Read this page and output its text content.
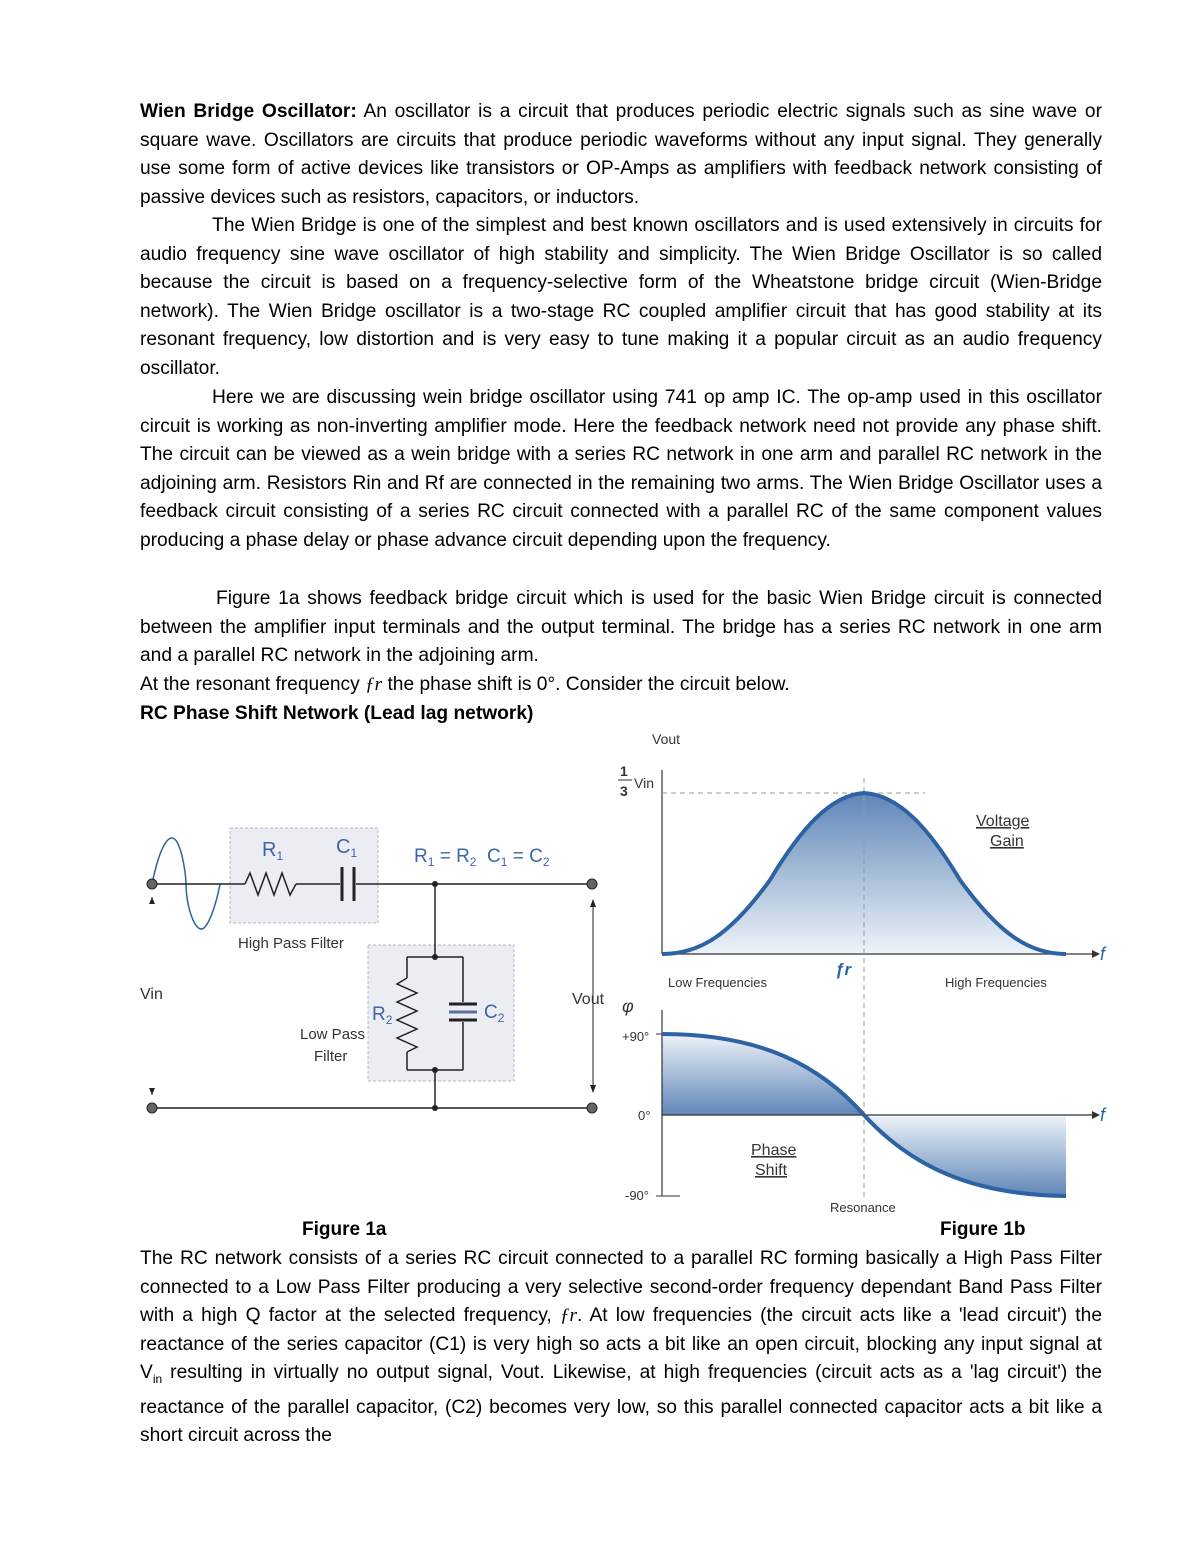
Wien Bridge Oscillator: An oscillator is a circuit that produces periodic electric signals such as sine wave or square wave. Oscillators are circuits that produce periodic waveforms without any input signal. They generally use some form of active devices like transistors or OP-Amps as amplifiers with feedback network consisting of passive devices such as resistors, capacitors, or inductors.
The Wien Bridge is one of the simplest and best known oscillators and is used extensively in circuits for audio frequency sine wave oscillator of high stability and simplicity. The Wien Bridge Oscillator is so called because the circuit is based on a frequency-selective form of the Wheatstone bridge circuit (Wien-Bridge network). The Wien Bridge oscillator is a two-stage RC coupled amplifier circuit that has good stability at its resonant frequency, low distortion and is very easy to tune making it a popular circuit as an audio frequency oscillator.
Here we are discussing wein bridge oscillator using 741 op amp IC. The op-amp used in this oscillator circuit is working as non-inverting amplifier mode. Here the feedback network need not provide any phase shift. The circuit can be viewed as a wein bridge with a series RC network in one arm and parallel RC network in the adjoining arm. Resistors Rin and Rf are connected in the remaining two arms. The Wien Bridge Oscillator uses a feedback circuit consisting of a series RC circuit connected with a parallel RC of the same component values producing a phase delay or phase advance circuit depending upon the frequency.
Figure 1a shows feedback bridge circuit which is used for the basic Wien Bridge circuit is connected between the amplifier input terminals and the output terminal. The bridge has a series RC network in one arm and a parallel RC network in the adjoining arm.
At the resonant frequency ƒr the phase shift is 0°. Consider the circuit below.
RC Phase Shift Network (Lead lag network)
$R_1$	$C_1$	$R_1 = R_2$  $C_1 = C_2$
High Pass Filter
Low Pass
Filter
$R_2$	$C_2$
Vin	Vout
Vout
1
3 Vin
Voltage
Gain
f
ƒr
Low Frequencies	High Frequencies
φ
+90°
0°
-90°
Phase
Shift
f
Resonance
Figure 1a	Figure 1b
The RC network consists of a series RC circuit connected to a parallel RC forming basically a High Pass Filter connected to a Low Pass Filter producing a very selective second-order frequency dependant Band Pass Filter with a high Q factor at the selected frequency, ƒr. At low frequencies (the circuit acts like a 'lead circuit') the reactance of the series capacitor (C1) is very high so acts a bit like an open circuit, blocking any input signal at $V_{in}$ resulting in virtually no output signal, Vout. Likewise, at high frequencies (circuit acts as a 'lag circuit') the reactance of the parallel capacitor, (C2) becomes very low, so this parallel connected capacitor acts a bit like a short circuit across the
